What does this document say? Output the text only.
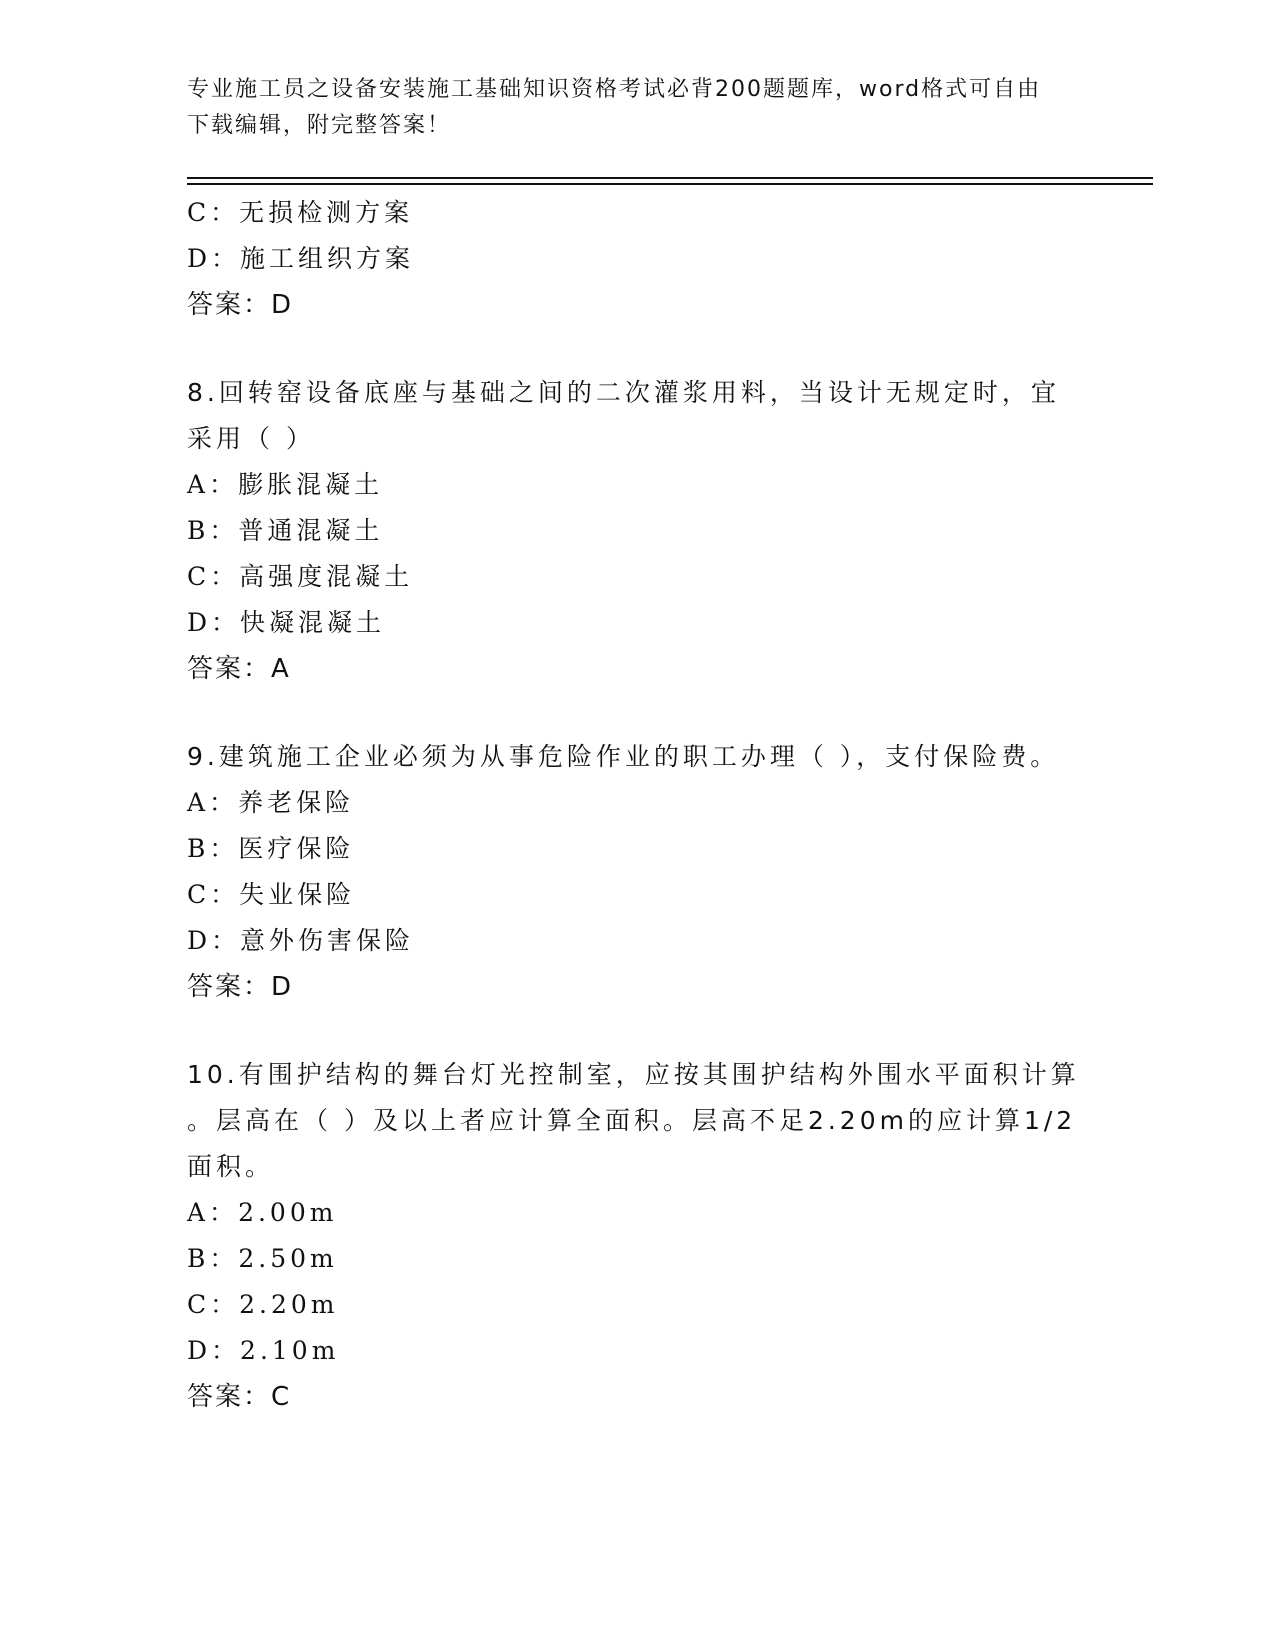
专业施工员之设备安装施工基础知识资格考试必背200题题库，word格式可自由
下载编辑，附完整答案！
C：无损检测方案
D：施工组织方案
答案：D
8.回转窑设备底座与基础之间的二次灌浆用料，当设计无规定时，宜
采用（ ）
A：膨胀混凝土
B：普通混凝土
C：高强度混凝土
D：快凝混凝土
答案：A
9.建筑施工企业必须为从事危险作业的职工办理（ ），支付保险费。
A：养老保险
B：医疗保险
C：失业保险
D：意外伤害保险
答案：D
10.有围护结构的舞台灯光控制室，应按其围护结构外围水平面积计算
。层高在（ ）及以上者应计算全面积。层高不足2.20m的应计算1/2
面积。
A：2.00m
B：2.50m
C：2.20m
D：2.10m
答案：C
